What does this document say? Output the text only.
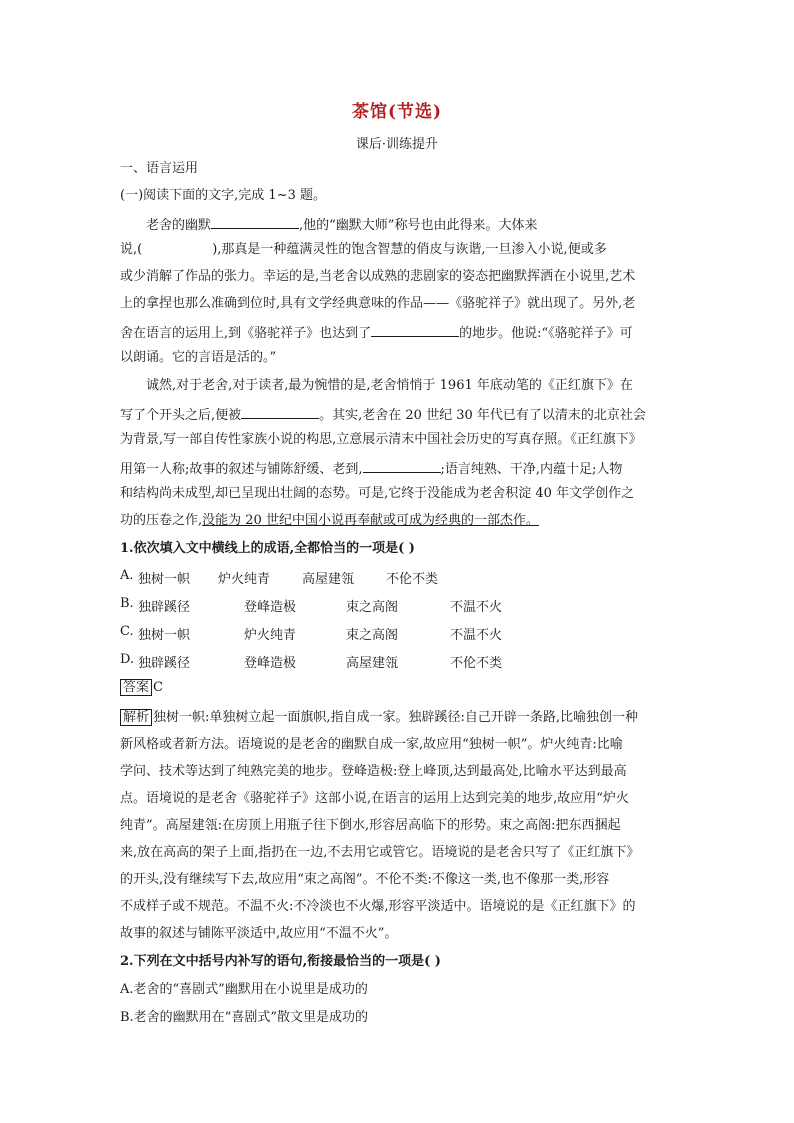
茶馆(节选)
课后·训练提升
一、语言运用
(一)阅读下面的文字,完成 1~3 题。
老舍的幽默	,他的“幽默大师”称号也由此得来。大体来
说,(	),那真是一种蕴满灵性的饱含智慧的俏皮与诙谐,一旦渗入小说,便或多
或少消解了作品的张力。幸运的是,当老舍以成熟的悲剧家的姿态把幽默挥洒在小说里,艺术
上的拿捏也那么准确到位时,具有文学经典意味的作品——《骆驼祥子》就出现了。另外,老
舍在语言的运用上,到《骆驼祥子》也达到了	的地步。他说:“《骆驼祥子》可
以朗诵。它的言语是活的。”
诚然,对于老舍,对于读者,最为惋惜的是,老舍悄悄于 1961 年底动笔的《正红旗下》在
写了个开头之后,便被	。其实,老舍在 20 世纪 30 年代已有了以清末的北京社会
为背景,写一部自传性家族小说的构思,立意展示清末中国社会历史的写真存照。《正红旗下》
用第一人称;故事的叙述与铺陈舒缓、老到,	;语言纯熟、干净,内蕴十足;人物
和结构尚未成型,却已呈现出壮阔的态势。可是,它终于没能成为老舍积淀 40 年文学创作之
功的压卷之作,没能为 20 世纪中国小说再奉献或可成为经典的一部杰作。
1.依次填入文中横线上的成语,全都恰当的一项是( )
A. 独树一帜 炉火纯青 高屋建瓴 不伦不类
B. 独辟蹊径	登峰造极	束之高阁	不温不火
C. 独树一帜	炉火纯青	束之高阁	不温不火
D. 独辟蹊径	登峰造极	高屋建瓴	不伦不类
答案 C
解析 独树一帜:单独树立起一面旗帜,指自成一家。独辟蹊径:自己开辟一条路,比喻独创一种
新风格或者新方法。语境说的是老舍的幽默自成一家,故应用“独树一帜”。炉火纯青:比喻
学问、技术等达到了纯熟完美的地步。登峰造极:登上峰顶,达到最高处,比喻水平达到最高
点。语境说的是老舍《骆驼祥子》这部小说,在语言的运用上达到完美的地步,故应用“炉火
纯青”。高屋建瓴:在房顶上用瓶子往下倒水,形容居高临下的形势。束之高阁:把东西捆起
来,放在高高的架子上面,指扔在一边,不去用它或管它。语境说的是老舍只写了《正红旗下》
的开头,没有继续写下去,故应用“束之高阁”。不伦不类:不像这一类,也不像那一类,形容
不成样子或不规范。不温不火:不冷淡也不火爆,形容平淡适中。语境说的是《正红旗下》的
故事的叙述与铺陈平淡适中,故应用“不温不火”。
2.下列在文中括号内补写的语句,衔接最恰当的一项是( )
A.老舍的“喜剧式”幽默用在小说里是成功的
B.老舍的幽默用在“喜剧式”散文里是成功的
